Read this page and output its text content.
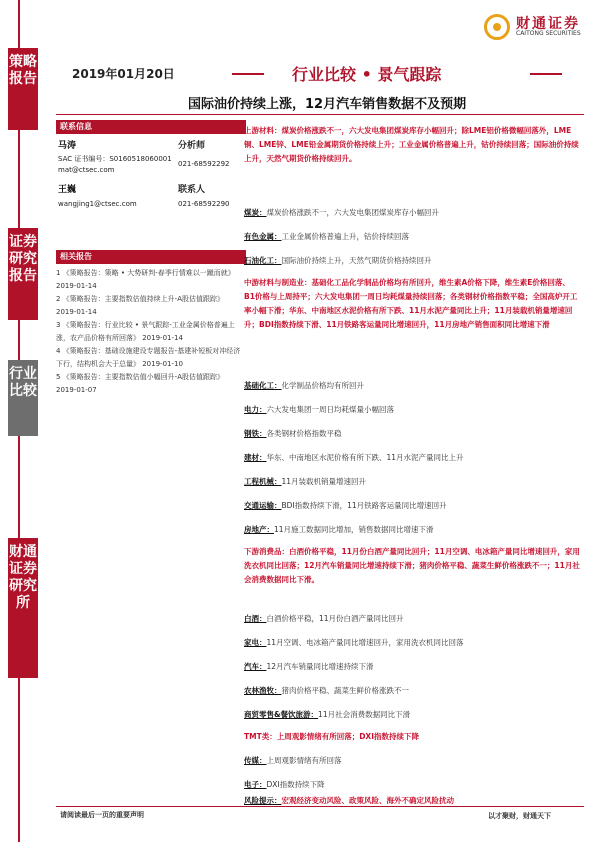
策略报告
证券研究报告
行业比较
财通证券研究所
财通证券
CAITONG SECURITIES
2019年01月20日	行业比较 • 景气跟踪
国际油价持续上涨，12月汽车销售数据不及预期
联系信息
马涛	分析师
SAC 证书编号：S0160518060001
mat@ctsec.com
021-68592292
王巍	联系人
wangjing1@ctsec.com	021-68592290
相关报告
1 《策略报告：策略 • 大势研判-春季行情难以一蹴而就》 2019-01-14
2 《策略报告：主要指数估值持续上升-A股估值跟踪》 2019-01-14
3 《策略报告：行业比较 • 景气跟踪-工业金属价格普遍上涨，农产品价格有所回落》 2019-01-14
4 《策略报告：基础设施建设专题报告-基建补短板对冲经济下行，结构机会大于总量》 2019-01-10
5 《策略报告：主要指数估值小幅回升-A股估值跟踪》 2019-01-07
上游材料：煤炭价格涨跌不一，六大发电集团煤炭库存小幅回升；除LME铝价格微幅回落外，LME铜、LME锌、LME铅金属期货价格持续上升；工业金属价格普遍上升，钴价持续回落；国际油价持续上升，天然气期货价格持续回升。
煤炭：煤炭价格涨跌不一，六大发电集团煤炭库存小幅回升
有色金属：工业金属价格普遍上升，钴价持续回落
石油化工：国际油价持续上升，天然气期货价格持续回升
中游材料与制造业：基础化工品化学制品价格均有所回升，维生素A价格下降，维生素E价格回落、B1价格与上周持平；六大发电集团一周日均耗煤量持续回落；各类钢材价格指数平稳；全国高炉开工率小幅下滑；华东、中南地区水泥价格有所下跌、11月水泥产量同比上升；11月装载机销量增速回升；BDI指数持续下滑、11月铁路客运量同比增速回升，11月房地产销售面积同比增速下滑
基础化工：化学制品价格均有所回升
电力：六大发电集团一周日均耗煤量小幅回落
钢铁：各类钢材价格指数平稳
建材：华东、中南地区水泥价格有所下跌、11月水泥产量同比上升
工程机械：11月装载机销量增速回升
交通运输：BDI指数持续下滑，11月铁路客运量同比增速回升
房地产：11月施工数据同比增加，销售数据同比增速下滑
下游消费品：白酒价格平稳，11月份白酒产量同比回升；11月空调、电冰箱产量同比增速回升，家用洗衣机同比回落；12月汽车销量同比增速持续下滑；猪肉价格平稳、蔬菜生鲜价格涨跌不一；11月社会消费数据同比下滑。
白酒：白酒价格平稳，11月份白酒产量同比回升
家电：11月空调、电冰箱产量同比增速回升，家用洗衣机同比回落
汽车：12月汽车销量同比增速持续下滑
农林渔牧：猪肉价格平稳、蔬菜生鲜价格涨跌不一
商贸零售&餐饮旅游：11月社会消费数据同比下滑
TMT类：上周观影情绪有所回落；DXI指数持续下降
传媒：上周观影情绪有所回落
电子：DXI指数持续下降
风险提示：宏观经济变动风险、政策风险、海外不确定风险扰动
请阅读最后一页的重要声明	以才聚财，财通天下
